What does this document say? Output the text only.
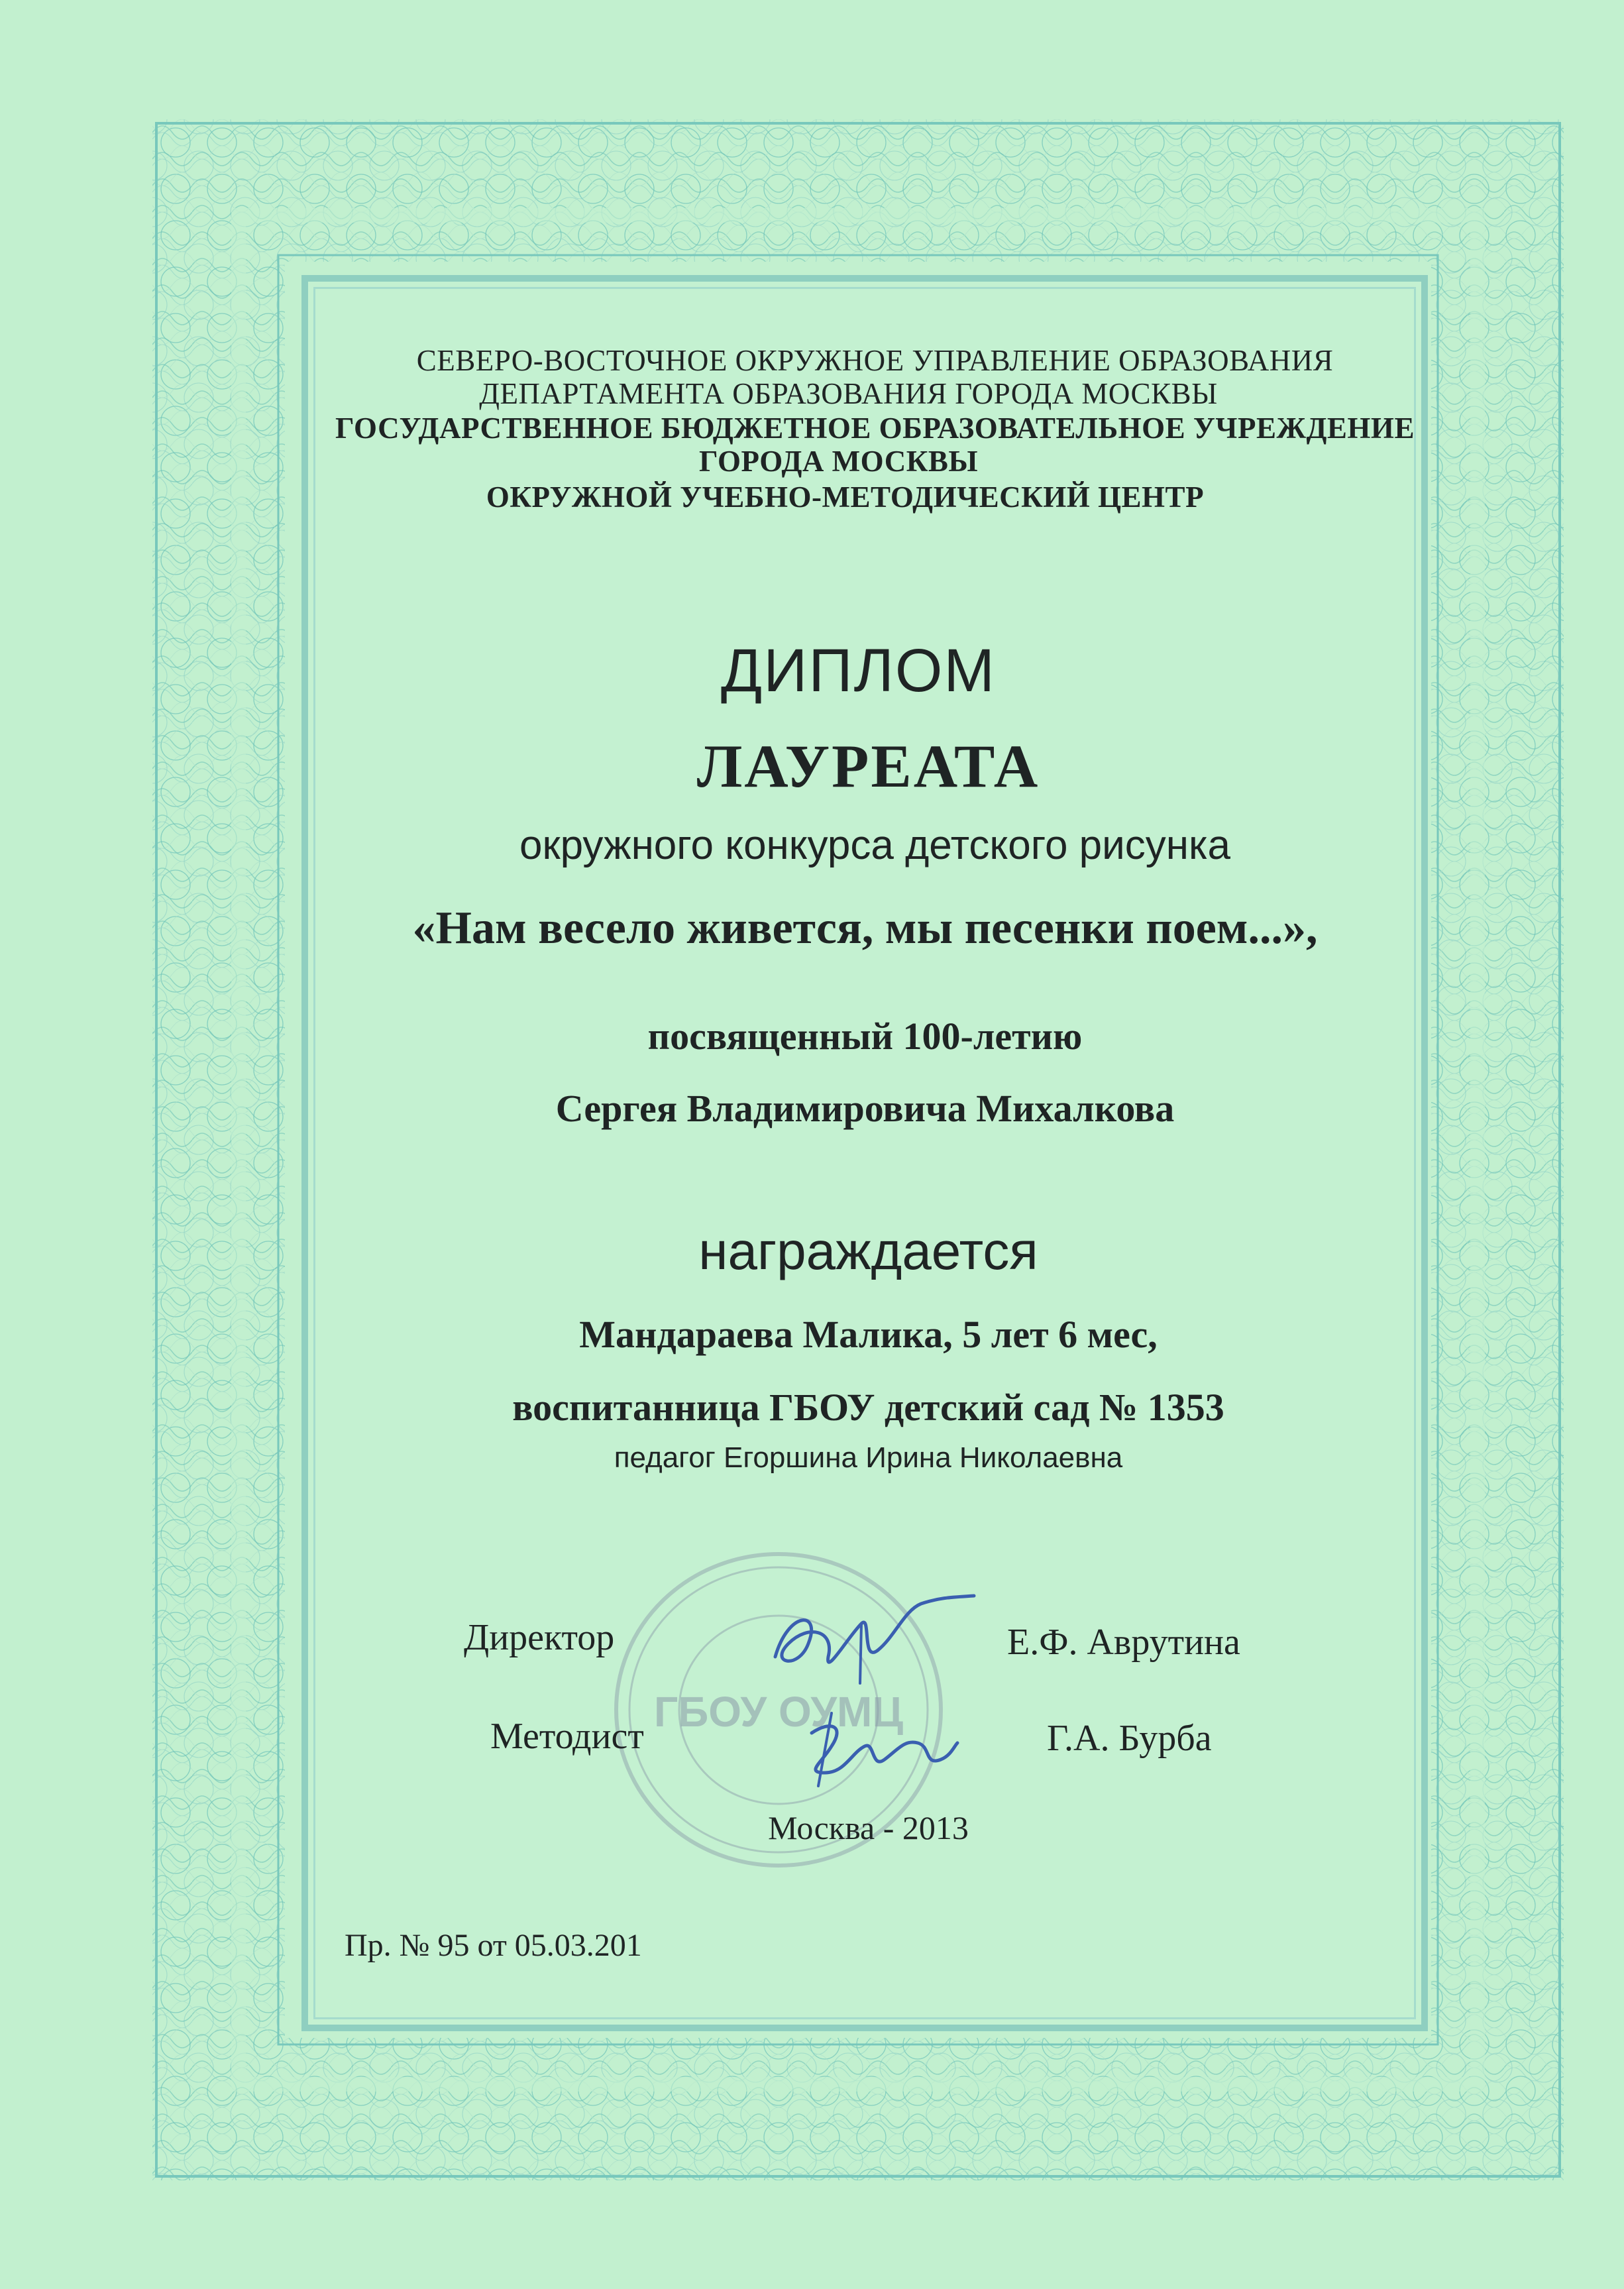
СЕВЕРО-ВОСТОЧНОЕ ОКРУЖНОЕ УПРАВЛЕНИЕ ОБРАЗОВАНИЯ
ДЕПАРТАМЕНТА ОБРАЗОВАНИЯ ГОРОДА МОСКВЫ
ГОСУДАРСТВЕННОЕ БЮДЖЕТНОЕ ОБРАЗОВАТЕЛЬНОЕ УЧРЕЖДЕНИЕ
ГОРОДА МОСКВЫ
ОКРУЖНОЙ УЧЕБНО-МЕТОДИЧЕСКИЙ ЦЕНТР
ДИПЛОМ
ЛАУРЕАТА
окружного конкурса детского рисунка
«Нам весело живется, мы песенки поем...»,
посвященный 100-летию
Сергея Владимировича Михалкова
награждается
Мандараева Малика, 5 лет 6 мес,
воспитанница ГБОУ детский сад № 1353
педагог Егоршина Ирина Николаевна
ГБОУ ОУМЦ
Директор	Е.Ф. Аврутина
Методист	Г.А. Бурба
Москва - 2013
Пр. № 95 от 05.03.201
